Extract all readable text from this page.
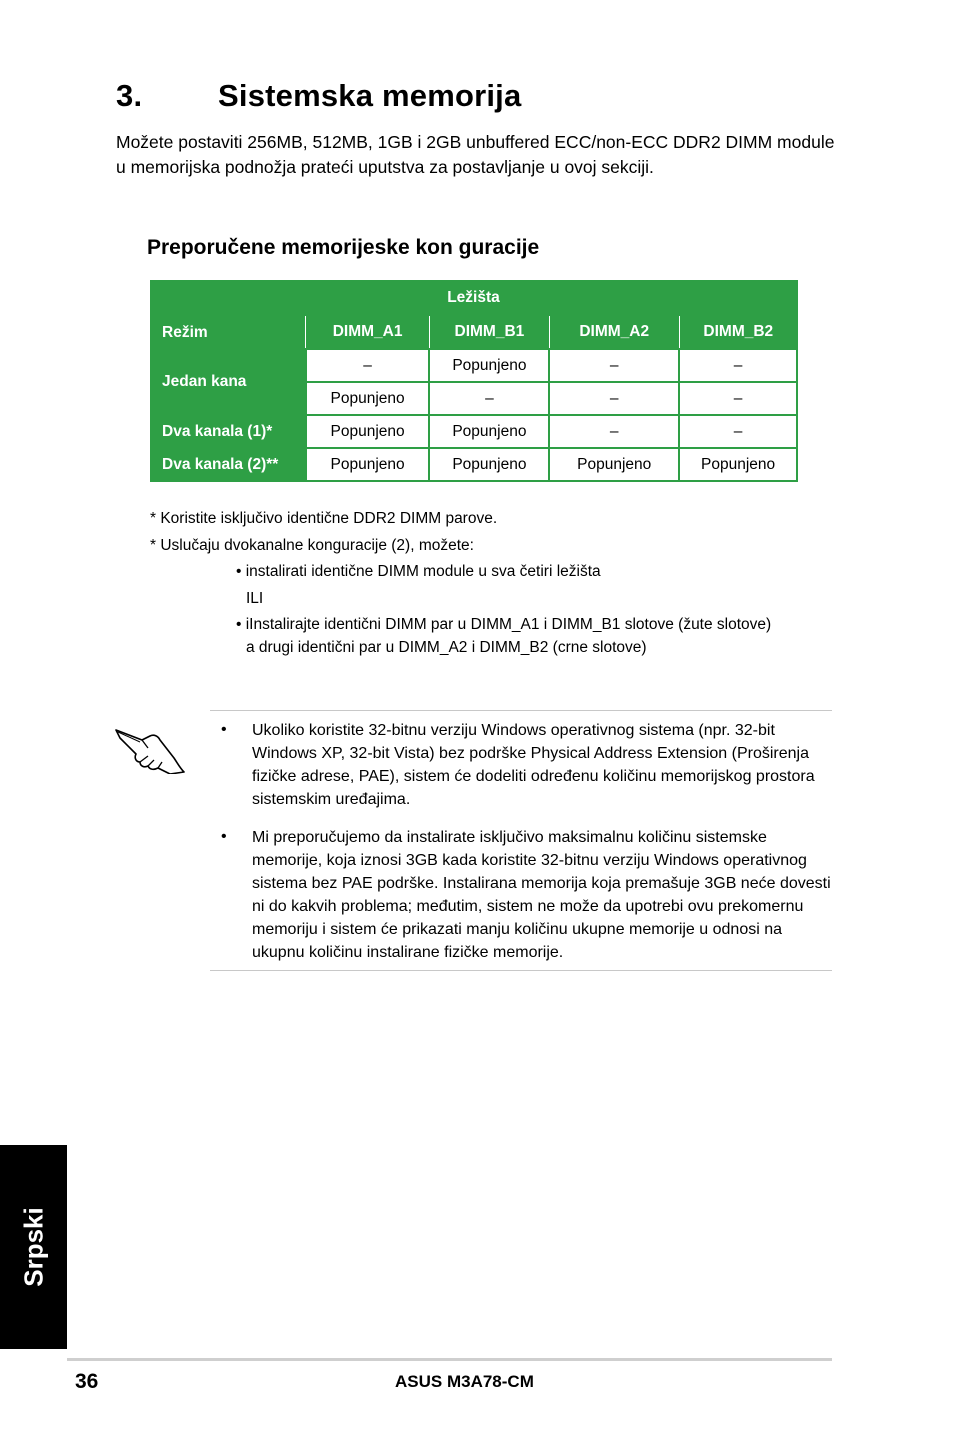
3. Sistemska memorija
Možete postaviti 256MB, 512MB, 1GB i 2GB unbuffered ECC/non-ECC DDR2 DIMM module u memorijska podnožja prateći uputstva za postavljanje u ovoj sekciji.
Preporučene memorijeske kon guracije
Ležišta				
Režim	DIMM_A1	DIMM_B1	DIMM_A2	DIMM_B2
Jedan kana	–	Popunjeno	–	–
	Popunjeno	–	–	–
Dva kanala (1)*	Popunjeno	Popunjeno	–	–
Dva kanala (2)**	Popunjeno	Popunjeno	Popunjeno	Popunjeno
* Koristite isključivo identične DDR2 DIMM parove.
* Uslučaju dvokanalne konguracije (2), možete:
• instalirati identične DIMM module u sva četiri ležišta
ILI
• iInstalirajte identični DIMM par u DIMM_A1 i DIMM_B1 slotove (žute slotove)
a drugi identični par u DIMM_A2 i DIMM_B2 (crne slotove)
• Ukoliko koristite 32-bitnu verziju Windows operativnog sistema (npr. 32-bit Windows XP, 32-bit Vista) bez podrške Physical Address Extension (Proširenja fizičke adrese, PAE), sistem će dodeliti određenu količinu memorijskog prostora sistemskim uređajima.
• Mi preporučujemo da instalirate isključivo maksimalnu količinu sistemske memorije, koja iznosi 3GB kada koristite 32-bitnu verziju Windows operativnog sistema bez PAE podrške. Instalirana memorija koja premašuje 3GB neće dovesti ni do kakvih problema; međutim, sistem ne može da upotrebi ovu prekomernu memoriju i sistem će prikazati manju količinu ukupne memorije u odnosi na ukupnu količinu instalirane fizičke memorije.
Srpski
36	ASUS M3A78-CM
